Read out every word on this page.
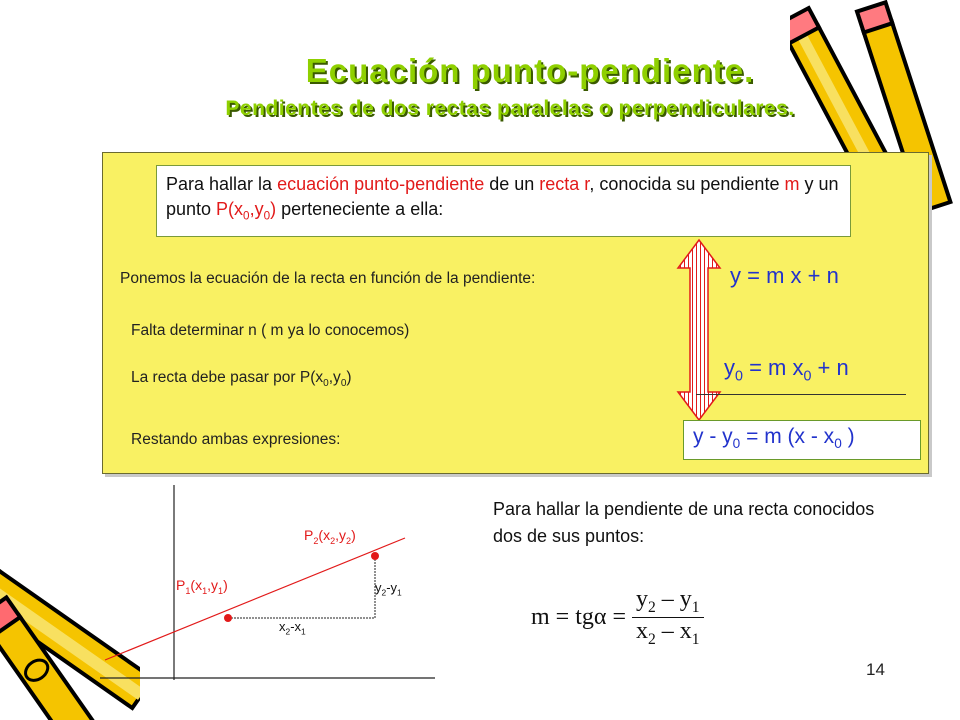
Ecuación punto-pendiente.
Pendientes de dos rectas paralelas o perpendiculares.
Para hallar la ecuación punto-pendiente de un recta r, conocida su pendiente m y un punto $P(x_0,y_0)$ perteneciente a ella:
Ponemos la ecuación de la recta en función de la pendiente:
Falta determinar n ( m ya lo conocemos)
La recta debe pasar por $P(x_0,y_0)$
Restando ambas expresiones:
y = m x + n
$y_0 = m$ $x_0 + n$
$y - y_0 = m$ ($x - x_0$ )
$P_1(x_1,y_1)$
$P_2(x_2,y_2)$
$y_2-y_1$
$x_2-x_1$
Para hallar la pendiente de una recta conocidos dos de sus puntos:
m = tgα =	$y_2 - y_1$
$x_2 - x_1$
14
